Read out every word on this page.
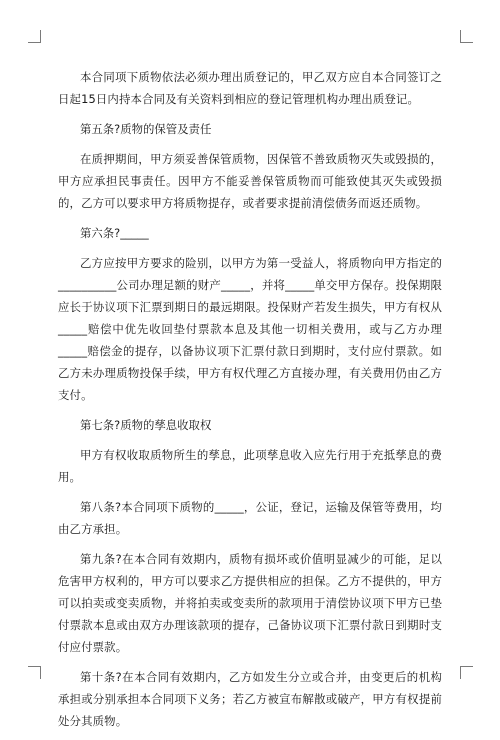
本合同项下质物依法必须办理出质登记的，甲乙双方应自本合同签订之日起15日内持本合同及有关资料到相应的登记管理机构办理出质登记。

第五条?质物的保管及责任

在质押期间，甲方须妥善保管质物，因保管不善致质物灭失或毁损的，甲方应承担民事责任。因甲方不能妥善保管质物而可能致使其灭失或毁损的，乙方可以要求甲方将质物提存，或者要求提前清偿债务而返还质物。

第六条?_____

乙方应按甲方要求的险别，以甲方为第一受益人，将质物向甲方指定的__________公司办理足额的财产_____，并将_____单交甲方保存。投保期限应长于协议项下汇票到期日的最远期限。投保财产若发生损失，甲方有权从_____赔偿中优先收回垫付票款本息及其他一切相关费用，或与乙方办理_____赔偿金的提存，以备协议项下汇票付款日到期时，支付应付票款。如乙方未办理质物投保手续，甲方有权代理乙方直接办理，有关费用仍由乙方支付。

第七条?质物的孳息收取权

甲方有权收取质物所生的孳息，此项孳息收入应先行用于充抵孳息的费用。

第八条?本合同项下质物的_____，公证，登记，运输及保管等费用，均由乙方承担。

第九条?在本合同有效期内，质物有损坏或价值明显减少的可能，足以危害甲方权利的，甲方可以要求乙方提供相应的担保。乙方不提供的，甲方可以拍卖或变卖质物，并将拍卖或变卖所的款项用于清偿协议项下甲方已垫付票款本息或由双方办理该款项的提存，己备协议项下汇票付款日到期时支付应付票款。

第十条?在本合同有效期内，乙方如发生分立或合并，由变更后的机构承担或分别承担本合同项下义务；若乙方被宣布解散或破产，甲方有权提前处分其质物。
